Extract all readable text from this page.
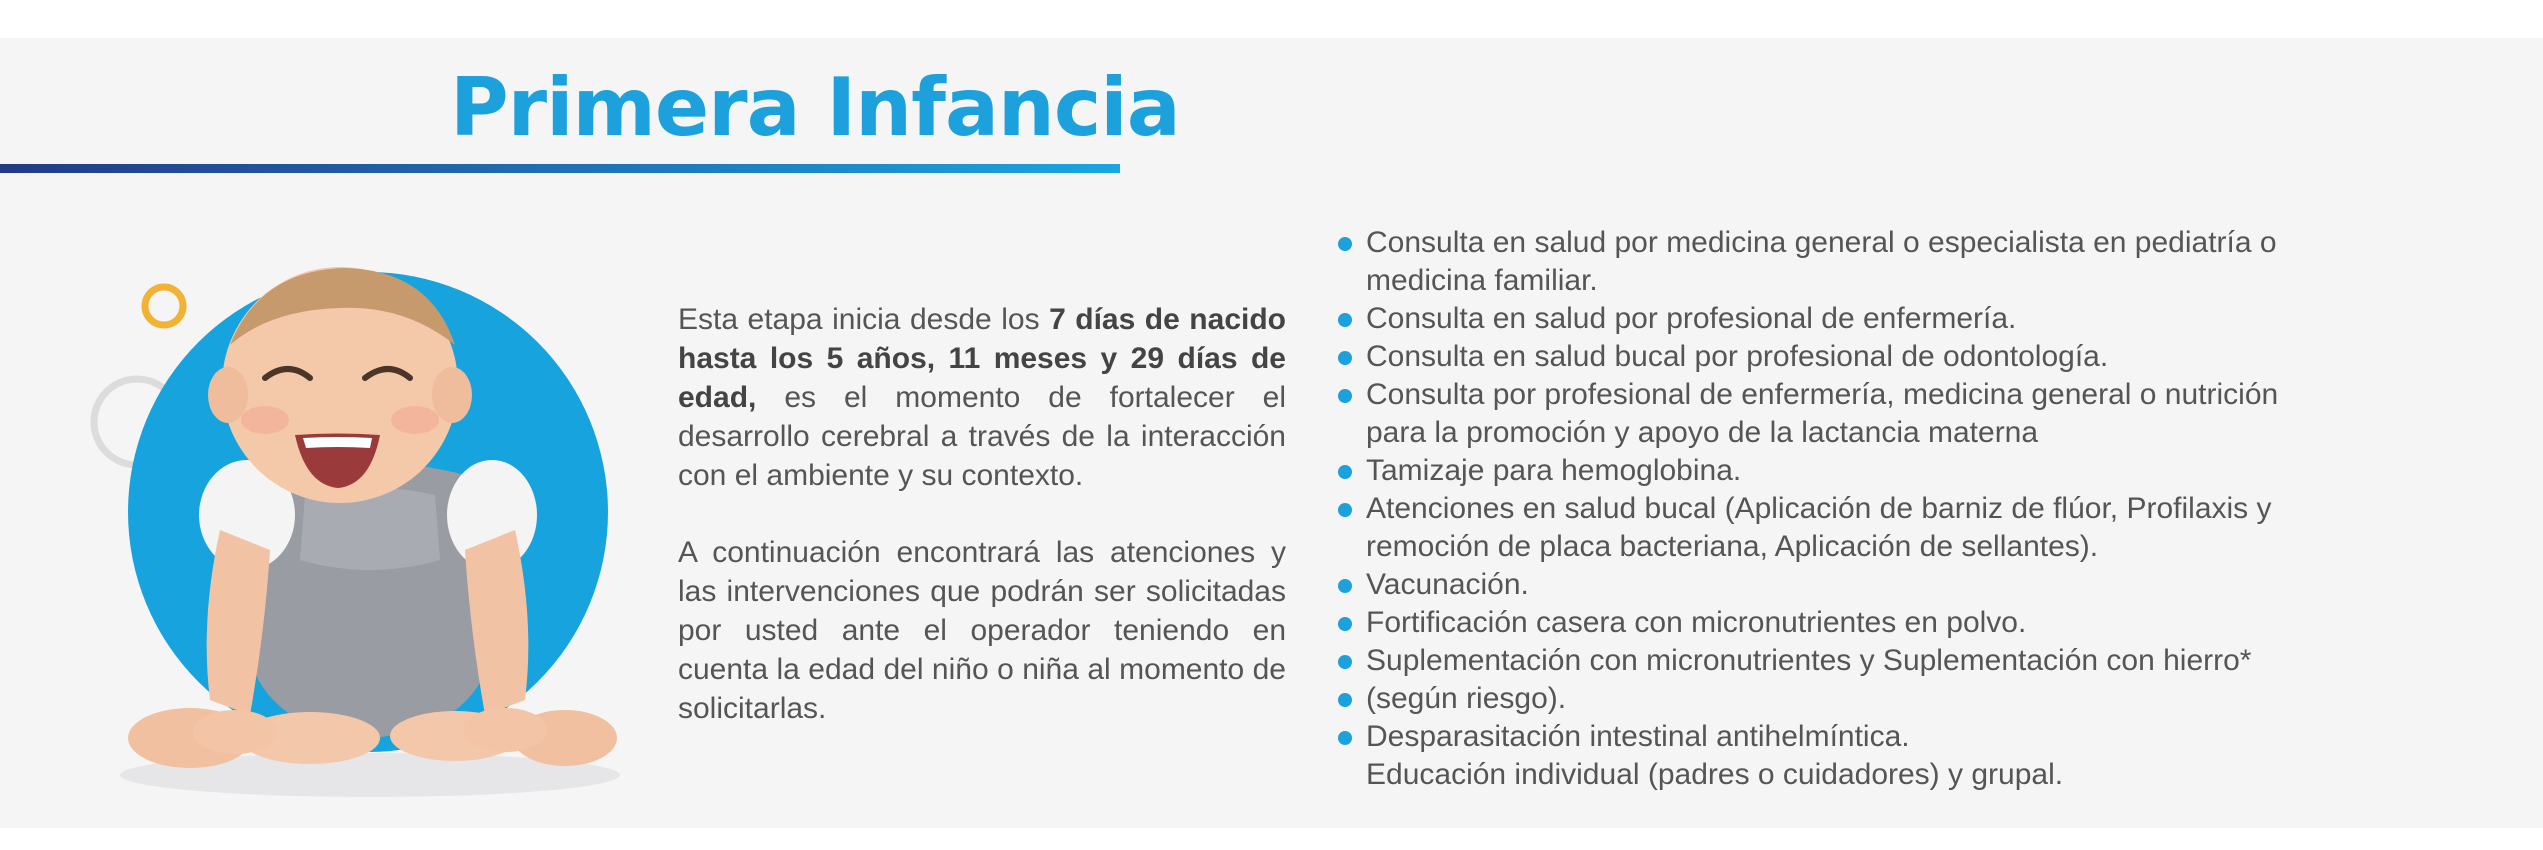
Primera Infancia

Esta etapa inicia desde los 7 días de nacido hasta los 5 años, 11 meses y 29 días de edad, es el momento de fortalecer el desarrollo cerebral a través de la interacción con el ambiente y su contexto.

A continuación encontrará las atenciones y las intervenciones que podrán ser solicitadas por usted ante el operador teniendo en cuenta la edad del niño o niña al momento de solicitarlas.

Consulta en salud por medicina general o especialista en pediatría o medicina familiar.
Consulta en salud por profesional de enfermería.
Consulta en salud bucal por profesional de odontología.
Consulta por profesional de enfermería, medicina general o nutrición para la promoción y apoyo de la lactancia materna
Tamizaje para hemoglobina.
Atenciones en salud bucal (Aplicación de barniz de flúor, Profilaxis y remoción de placa bacteriana, Aplicación de sellantes).
Vacunación.
Fortificación casera con micronutrientes en polvo.
Suplementación con micronutrientes y Suplementación con hierro*
(según riesgo).
Desparasitación intestinal antihelmíntica.
Educación individual (padres o cuidadores) y grupal.
